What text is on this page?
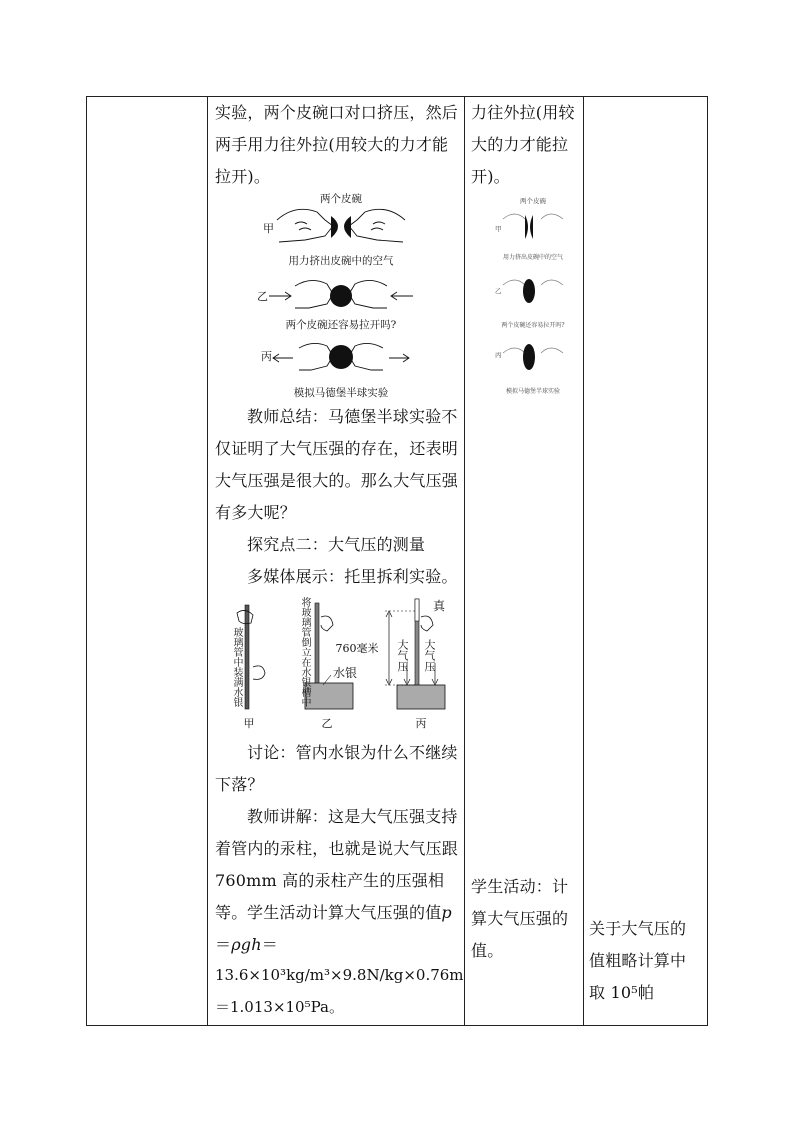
实验，两个皮碗口对口挤压，然后两手用力往外拉(用较大的力才能拉开)。
两个皮碗
甲
用力挤出皮碗中的空气
乙
两个皮碗还容易拉开吗?
丙
模拟马德堡半球实验
教师总结：马德堡半球实验不仅证明了大气压强的存在，还表明大气压强是很大的。那么大气压强有多大呢？
探究点二：大气压的测量
多媒体展示：托里拆利实验。
甲	乙	丙
760毫米
真
水银
玻璃管中装满水银	将玻璃管倒立在水银槽中	大气压 大气压
讨论：管内水银为什么不继续下落？
教师讲解：这是大气压强支持着管内的汞柱，也就是说大气压跟760mm 高的汞柱产生的压强相等。 学生活动计算大气压强的值p＝ρgh＝
13.6×10³kg/m³×9.8N/kg×0.76m
＝1.013×10⁵Pa。
力往外拉(用较大的力才能拉开)。
两个皮碗
甲
用力挤出皮碗中的空气
乙
两个皮碗还容易拉开吗?
丙
模拟马德堡半球实验
学生活动：计算大气压强的值。
关于大气压的值粗略计算中取 10⁵帕
